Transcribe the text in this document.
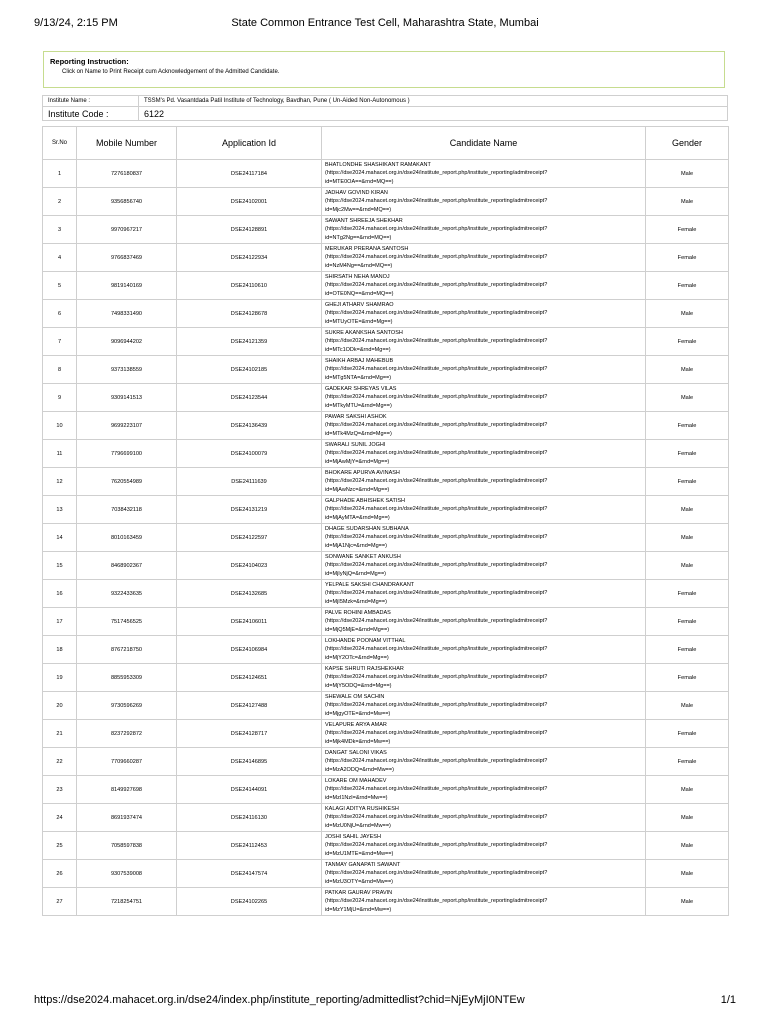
9/13/24, 2:15 PM	State Common Entrance Test Cell, Maharashtra State, Mumbai
Reporting Instruction:
Click on Name to Print Receipt cum Acknowledgement of the Admitted Candidate.
Institute Name :	TSSM's Pd. Vasantdada Patil Institute of Technology, Bavdhan, Pune ( Un-Aided Non-Autonomous )
Institute Code :	6122
Sr.No	Mobile Number	Application Id	Candidate Name	Gender
1	7276180837	DSE24117184	BHATLONDHE SHASHIKANT RAMAKANT
(https://dse2024.mahacet.org.in/dse24/institute_report.php/institute_reporting/admitreceipt?
id=MTE0OA==&rnd=MQ==)	Male
2	9356856740	DSE24102001	JADHAV GOVIND KIRAN
(https://dse2024.mahacet.org.in/dse24/institute_report.php/institute_reporting/admitreceipt?
id=Mjc2Mw==&rnd=MQ==)	Male
3	9970967217	DSE24128891	SAWANT SHREEJA SHEKHAR
(https://dse2024.mahacet.org.in/dse24/institute_report.php/institute_reporting/admitreceipt?
id=NTg2Ng==&rnd=MQ==)	Female
4	9766837469	DSE24122934	MERUKAR PRERANA SANTOSH
(https://dse2024.mahacet.org.in/dse24/institute_report.php/institute_reporting/admitreceipt?
id=NzM4Ng==&rnd=MQ==)	Female
5	9819140169	DSE24110610	SHIRSATH NEHA MANOJ
(https://dse2024.mahacet.org.in/dse24/institute_report.php/institute_reporting/admitreceipt?
id=OTE0NQ==&rnd=MQ==)	Female
6	7498331490	DSE24128678	GHEJI ATHARV SHAMRAO
(https://dse2024.mahacet.org.in/dse24/institute_report.php/institute_reporting/admitreceipt?
id=MTUyOTE=&rnd=Mg==)	Male
7	9096944202	DSE24121359	SUKRE AKANKSHA SANTOSH
(https://dse2024.mahacet.org.in/dse24/institute_report.php/institute_reporting/admitreceipt?
id=MTc1ODk=&rnd=Mg==)	Female
8	9373138559	DSE24102185	SHAIKH ARBAJ MAHEBUB
(https://dse2024.mahacet.org.in/dse24/institute_report.php/institute_reporting/admitreceipt?
id=MTg5NTA=&rnd=Mg==)	Male
9	9309141513	DSE24123544	GADEKAR SHREYAS VILAS
(https://dse2024.mahacet.org.in/dse24/institute_report.php/institute_reporting/admitreceipt?
id=MTkyMTU=&rnd=Mg==)	Male
10	9699223107	DSE24136439	PAWAR SAKSHI ASHOK
(https://dse2024.mahacet.org.in/dse24/institute_report.php/institute_reporting/admitreceipt?
id=MTk4MzQ=&rnd=Mg==)	Female
11	7796699100	DSE24100079	SWARALI SUNIL JOGHI
(https://dse2024.mahacet.org.in/dse24/institute_report.php/institute_reporting/admitreceipt?
id=MjAwMjY=&rnd=Mg==)	Female
12	7620554989	DSE24111639	BHOKARE APURVA AVINASH
(https://dse2024.mahacet.org.in/dse24/institute_report.php/institute_reporting/admitreceipt?
id=MjAwNzc=&rnd=Mg==)	Female
13	7038432118	DSE24131219	GALPHADE ABHISHEK SATISH
(https://dse2024.mahacet.org.in/dse24/institute_report.php/institute_reporting/admitreceipt?
id=MjAyMTA=&rnd=Mg==)	Male
14	8010163459	DSE24122597	DHAGE SUDARSHAN SUBHANA
(https://dse2024.mahacet.org.in/dse24/institute_report.php/institute_reporting/admitreceipt?
id=MjA1Njc=&rnd=Mg==)	Male
15	8468902367	DSE24104023	SONWANE SANKET ANKUSH
(https://dse2024.mahacet.org.in/dse24/institute_report.php/institute_reporting/admitreceipt?
id=MjIyNjQ=&rnd=Mg==)	Male
16	9322433635	DSE24132685	YELPALE SAKSHI CHANDRAKANT
(https://dse2024.mahacet.org.in/dse24/institute_report.php/institute_reporting/admitreceipt?
id=MjI5Mzk=&rnd=Mg==)	Female
17	7517456525	DSE24106011	PALVE ROHINI AMBADAS
(https://dse2024.mahacet.org.in/dse24/institute_report.php/institute_reporting/admitreceipt?
id=MjQ5MjE=&rnd=Mg==)	Female
18	8767218750	DSE24106984	LOKHANDE POONAM VITTHAL
(https://dse2024.mahacet.org.in/dse24/institute_report.php/institute_reporting/admitreceipt?
id=MjY2OTc=&rnd=Mg==)	Female
19	8855953309	DSE24124651	KAPSE SHRUTI RAJSHEKHAR
(https://dse2024.mahacet.org.in/dse24/institute_report.php/institute_reporting/admitreceipt?
id=MjY5ODQ=&rnd=Mg==)	Female
20	9730596269	DSE24127488	SHEWALE OM SACHIN
(https://dse2024.mahacet.org.in/dse24/institute_report.php/institute_reporting/admitreceipt?
id=MjgyOTE=&rnd=Mw==)	Male
21	8237292872	DSE24128717	VELAPURE ARYA AMAR
(https://dse2024.mahacet.org.in/dse24/institute_report.php/institute_reporting/admitreceipt?
id=Mjk4MDk=&rnd=Mw==)	Female
22	7709660287	DSE24146895	DANGAT SALONI VIKAS
(https://dse2024.mahacet.org.in/dse24/institute_report.php/institute_reporting/admitreceipt?
id=MzA2ODQ=&rnd=Mw==)	Female
23	8149927698	DSE24144091	LOKARE OM MAHADEV
(https://dse2024.mahacet.org.in/dse24/institute_report.php/institute_reporting/admitreceipt?
id=MzI1NzI=&rnd=Mw==)	Male
24	8691937474	DSE24116130	KALAGI ADITYA RUSHIKESH
(https://dse2024.mahacet.org.in/dse24/institute_report.php/institute_reporting/admitreceipt?
id=MzU0NjU=&rnd=Mw==)	Male
25	7058597838	DSE24112453	JOSHI SAHIL JAYESH
(https://dse2024.mahacet.org.in/dse24/institute_report.php/institute_reporting/admitreceipt?
id=MzU1MTE=&rnd=Mw==)	Male
26	9307539008	DSE24147574	TANMAY GANAPATI SAWANT
(https://dse2024.mahacet.org.in/dse24/institute_report.php/institute_reporting/admitreceipt?
id=MzU3OTY=&rnd=Mw==)	Male
27	7218254751	DSE24102265	PATKAR GAURAV PRAVIN
(https://dse2024.mahacet.org.in/dse24/institute_report.php/institute_reporting/admitreceipt?
id=MzY1MjU=&rnd=Mw==)	Male
https://dse2024.mahacet.org.in/dse24/index.php/institute_reporting/admittedlist?chid=NjEyMjI0NTEw	1/1
